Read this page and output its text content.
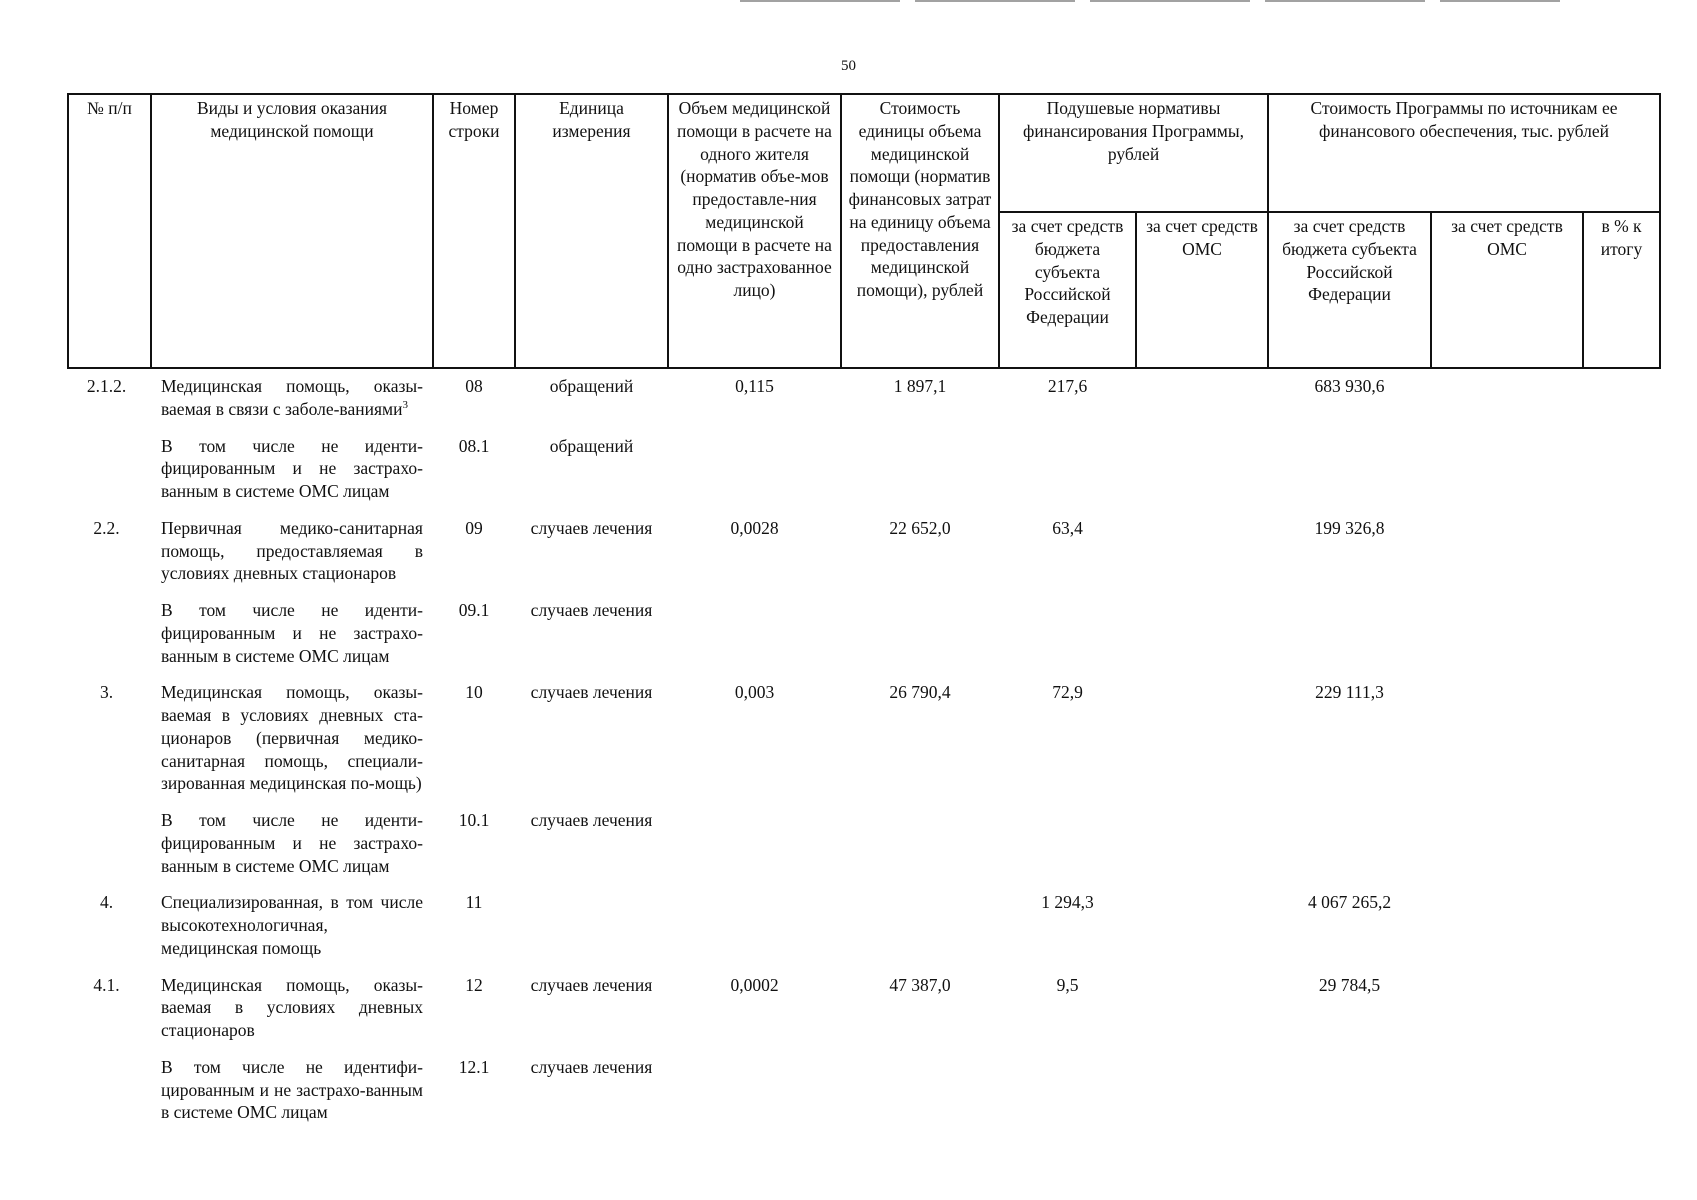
50
№ п/п	Виды и условия оказания медицинской помощи	Номер строки	Единица измерения	Объем медицинской помощи в расчете на одного жителя (норматив объе-мов предоставле-ния медицинской помощи в расчете на одно застрахованное лицо)	Стоимость единицы объема медицинской помощи (норматив финансовых затрат на единицу объема предоставления медицинской помощи), рублей	Подушевые нормативы финансирования Программы, рублей		Стоимость Программы по источникам ее финансового обеспечения, тыс. рублей		
						за счет средств бюджета субъекта Российской Федерации	за счет средств ОМС	за счет средств бюджета субъекта Российской Федерации	за счет средств ОМС	в % к итогу
2.1.2.	Медицинская помощь, оказы-ваемая в связи с заболе-ваниями$^3$	08	обращений	0,115	1 897,1	217,6		683 930,6		
	В том числе не иденти-фицированным и не застрахо-ванным в системе ОМС лицам	08.1	обращений							
2.2.	Первичная медико-санитарная помощь, предоставляемая в условиях дневных стационаров	09	случаев лечения	0,0028	22 652,0	63,4		199 326,8		
	В том числе не иденти-фицированным и не застрахо-ванным в системе ОМС лицам	09.1	случаев лечения							
3.	Медицинская помощь, оказы-ваемая в условиях дневных ста-ционаров (первичная медико-санитарная помощь, специали-зированная медицинская по-мощь)	10	случаев лечения	0,003	26 790,4	72,9		229 111,3		
	В том числе не иденти-фицированным и не застрахо-ванным в системе ОМС лицам	10.1	случаев лечения							
4.	Специализированная, в том числе высокотехнологичная, медицинская помощь	11				1 294,3		4 067 265,2		
4.1.	Медицинская помощь, оказы-ваемая в условиях дневных стационаров	12	случаев лечения	0,0002	47 387,0	9,5		29 784,5		
	В том числе не идентифи-цированным и не застрахо-ванным в системе ОМС лицам	12.1	случаев лечения							
